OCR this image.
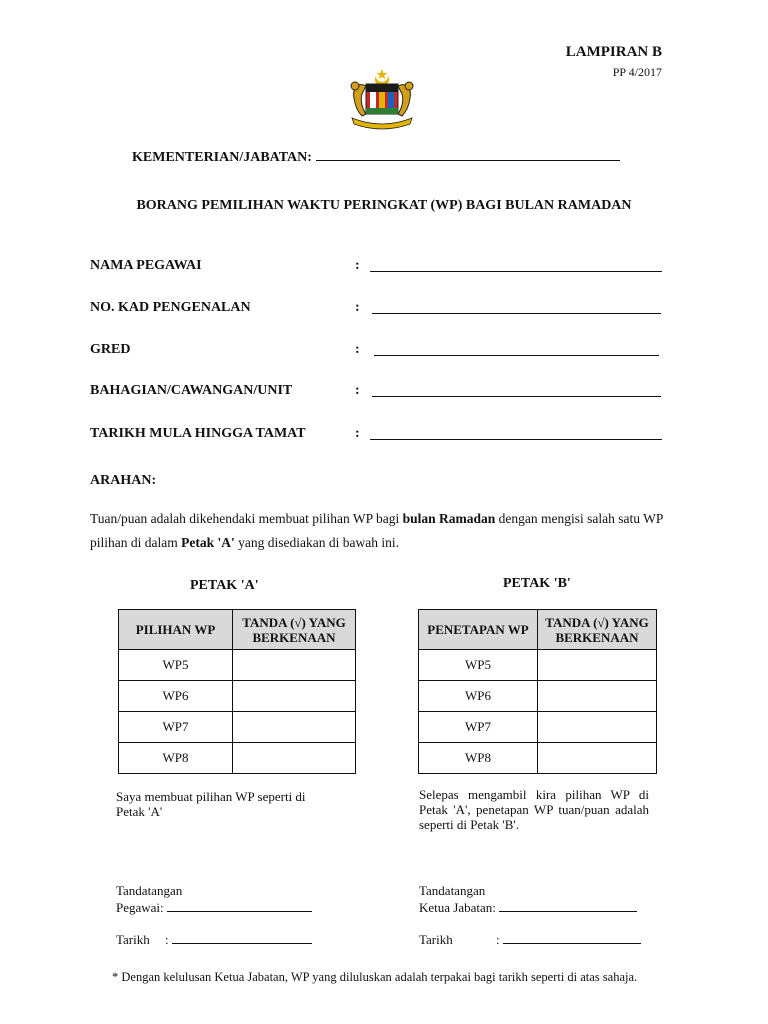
LAMPIRAN B
PP 4/2017
KEMENTERIAN/JABATAN:
BORANG PEMILIHAN WAKTU PERINGKAT (WP) BAGI BULAN RAMADAN
NAMA PEGAWAI	:
NO. KAD PENGENALAN	:
GRED	:
BAHAGIAN/CAWANGAN/UNIT	:
TARIKH MULA HINGGA TAMAT	:
ARAHAN:
Tuan/puan adalah dikehendaki membuat pilihan WP bagi bulan Ramadan dengan mengisi salah satu WP pilihan di dalam Petak 'A' yang disediakan di bawah ini.
PETAK 'A'
PILIHAN WP	TANDA (√) YANG BERKENAAN
WP5	
WP6	
WP7	
WP8	
PETAK 'B'
PENETAPAN WP	TANDA (√) YANG BERKENAAN
WP5	
WP6	
WP7	
WP8	
Saya membuat pilihan WP seperti di Petak 'A'
Selepas mengambil kira pilihan WP di Petak 'A', penetapan WP tuan/puan adalah seperti di Petak 'B'.
Tandatangan
Pegawai:
Tarikh :
Tandatangan
Ketua Jabatan:
Tarikh	:
* Dengan kelulusan Ketua Jabatan, WP yang diluluskan adalah terpakai bagi tarikh seperti di atas sahaja.
